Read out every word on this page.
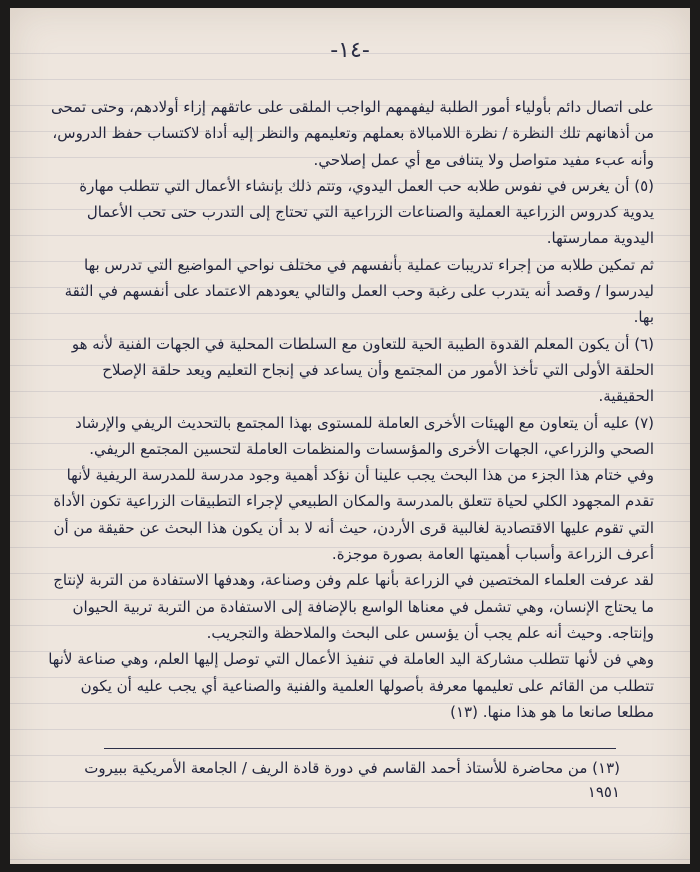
-١٤-

على اتصال دائم بأولياء أمور الطلبة ليفهمهم الواجب الملقى على عاتقهم إزاء أولادهم، وحتى تمحى من أذهانهم تلك النظرة / نظرة اللامبالاة بعملهم وتعليمهم والنظر إليه أداة لاكتساب حفظ الدروس، وأنه عبء مفيد متواصل ولا يتنافى مع أي عمل إصلاحي.

(٥) أن يغرس في نفوس طلابه حب العمل اليدوي، وتتم ذلك بإنشاء الأعمال التي تتطلب مهارة يدوية كدروس الزراعية العملية والصناعات الزراعية التي تحتاج إلى التدرب حتى تحب الأعمال اليدوية ممارستها.

ثم تمكين طلابه من إجراء تدريبات عملية بأنفسهم في مختلف نواحي المواضيع التي تدرس بها ليدرسوا / وقصد أنه يتدرب على رغبة وحب العمل والتالي يعودهم الاعتماد على أنفسهم في الثقة بها.

(٦) أن يكون المعلم القدوة الطيبة الحية للتعاون مع السلطات المحلية في الجهات الفنية لأنه هو الحلقة الأولى التي تأخذ الأمور من المجتمع وأن يساعد في إنجاح التعليم ويعد حلقة الإصلاح الحقيقية.

(٧) عليه أن يتعاون مع الهيئات الأخرى العاملة للمستوى بهذا المجتمع بالتحديث الريفي والإرشاد الصحي والزراعي، الجهات الأخرى والمؤسسات والمنظمات العاملة لتحسين المجتمع الريفي.

وفي ختام هذا الجزء من هذا البحث يجب علينا أن نؤكد أهمية وجود مدرسة للمدرسة الريفية لأنها تقدم المجهود الكلي لحياة تتعلق بالمدرسة والمكان الطبيعي لإجراء التطبيقات الزراعية تكون الأداة التي تقوم عليها الاقتصادية لغالبية قرى الأردن، حيث أنه لا بد أن يكون هذا البحث عن حقيقة من أن أعرف الزراعة وأسباب أهميتها العامة بصورة موجزة.

لقد عرفت العلماء المختصين في الزراعة بأنها علم وفن وصناعة، وهدفها الاستفادة من التربة لإنتاج ما يحتاج الإنسان، وهي تشمل في معناها الواسع بالإضافة إلى الاستفادة من التربة تربية الحيوان وإنتاجه. وحيث أنه علم يجب أن يؤسس على البحث والملاحظة والتجريب.

وهي فن لأنها تتطلب مشاركة اليد العاملة في تنفيذ الأعمال التي توصل إليها العلم، وهي صناعة لأنها تتطلب من القائم على تعليمها معرفة بأصولها العلمية والفنية والصناعية أي يجب عليه أن يكون مطلعا صانعا ما هو هذا منها. (١٣)

(١٣) من محاضرة للأستاذ أحمد القاسم في دورة قادة الريف / الجامعة الأمريكية ببيروت ١٩٥١
